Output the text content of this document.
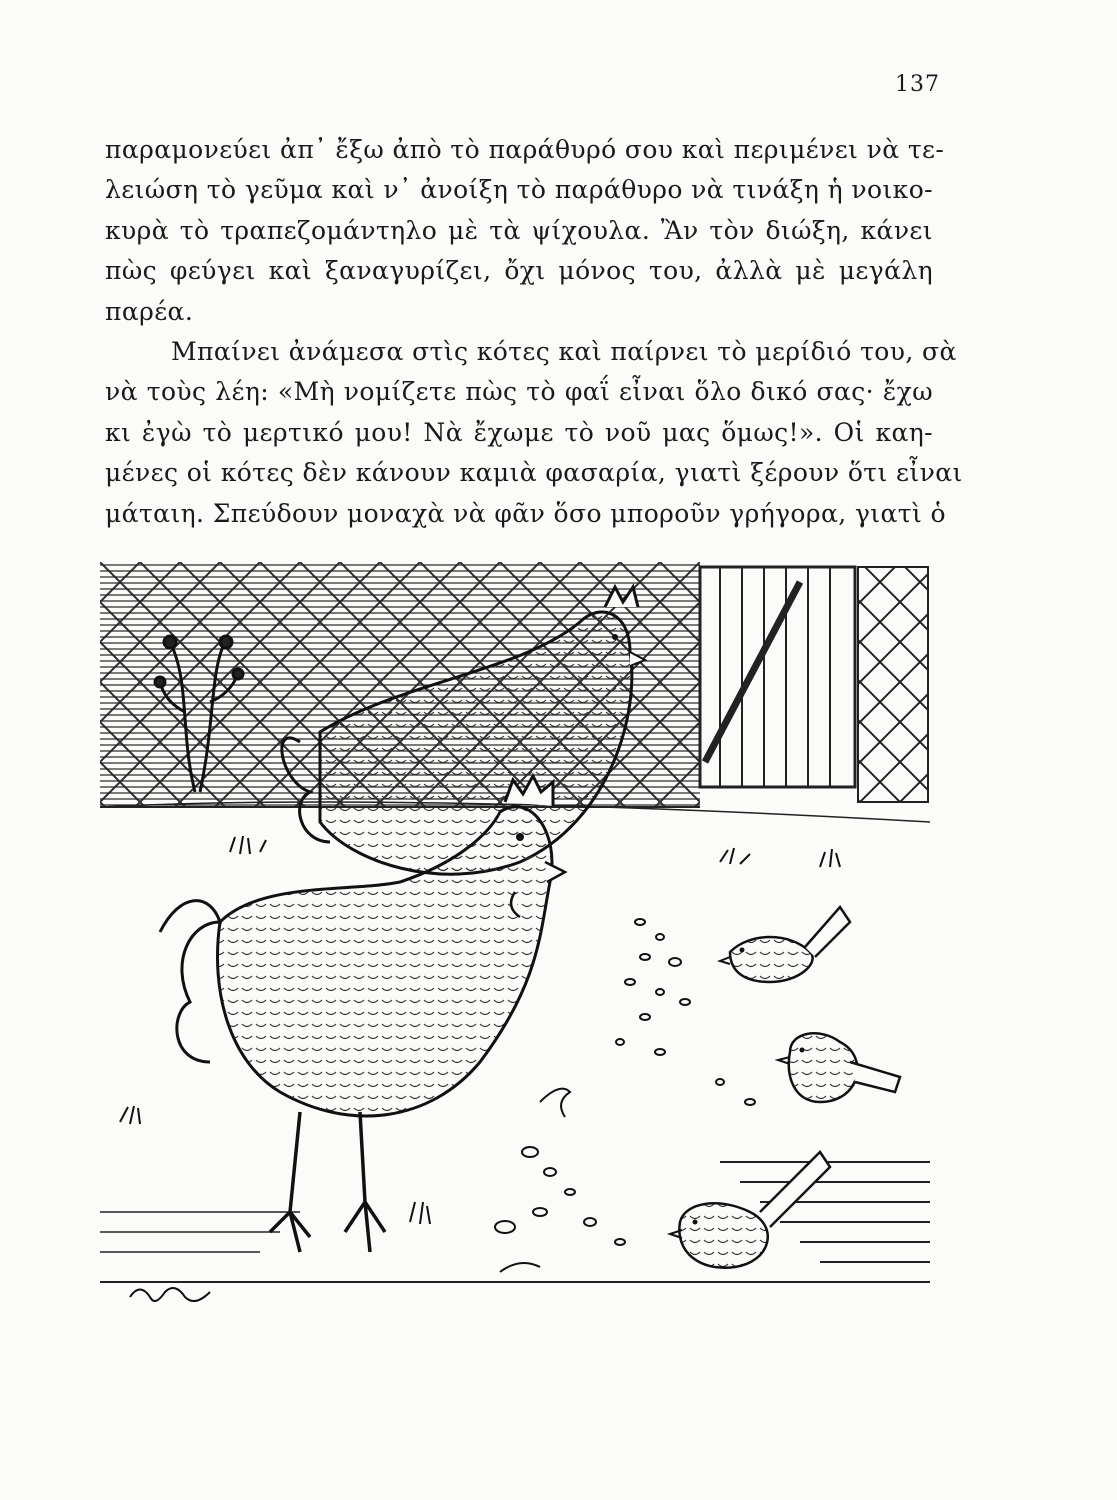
137
παραμονεύει ἀπ᾽ ἔξω ἀπὸ τὸ παράθυρό σου καὶ περιμένει νὰ τε-
λειώση τὸ γεῦμα καὶ ν᾽ ἀνοίξη τὸ παράθυρο νὰ τινάξη ἡ νοικο-
κυρὰ τὸ τραπεζομάντηλο μὲ τὰ ψίχουλα. Ἂν τὸν διώξη, κάνει
πὼς φεύγει καὶ ξαναγυρίζει, ὄχι μόνος του, ἀλλὰ μὲ μεγάλη
παρέα.
Μπαίνει ἀνάμεσα στὶς κότες καὶ παίρνει τὸ μερίδιό του, σὰ
νὰ τοὺς λέη: «Μὴ νομίζετε πὼς τὸ φαΐ εἶναι ὅλο δικό σας· ἔχω
κι ἐγὼ τὸ μερτικό μου! Νὰ ἔχωμε τὸ νοῦ μας ὅμως!». Οἱ καη-
μένες οἱ κότες δὲν κάνουν καμιὰ φασαρία, γιατὶ ξέρουν ὅτι εἶναι
μάταιη. Σπεύδουν μοναχὰ νὰ φᾶν ὅσο μποροῦν γρήγορα, γιατὶ ὁ
